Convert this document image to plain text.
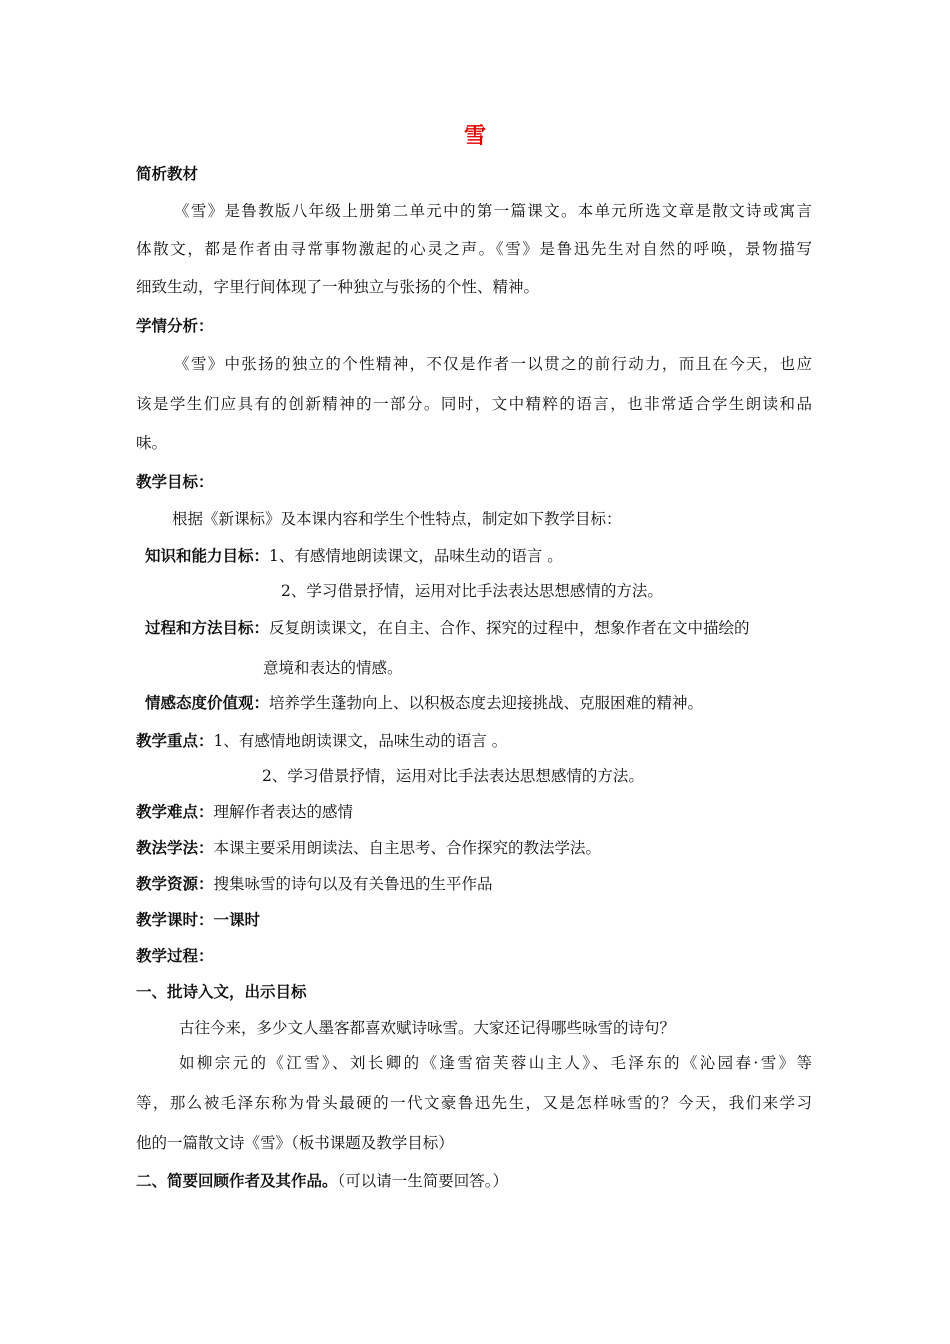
雪
简析教材
《雪》是鲁教版八年级上册第二单元中的第一篇课文。本单元所选文章是散文诗或寓言
体散文，都是作者由寻常事物激起的心灵之声。《雪》是鲁迅先生对自然的呼唤，景物描写
细致生动，字里行间体现了一种独立与张扬的个性、精神。
学情分析：
《雪》中张扬的独立的个性精神，不仅是作者一以贯之的前行动力，而且在今天，也应
该是学生们应具有的创新精神的一部分。同时，文中精粹的语言，也非常适合学生朗读和品
味。
教学目标：
根据《新课标》及本课内容和学生个性特点，制定如下教学目标：
知识和能力目标：1、有感情地朗读课文，品味生动的语言 。
2、学习借景抒情，运用对比手法表达思想感情的方法。
过程和方法目标：反复朗读课文，在自主、合作、探究的过程中，想象作者在文中描绘的
意境和表达的情感。
情感态度价值观：培养学生蓬勃向上、以积极态度去迎接挑战、克服困难的精神。
教学重点：1、有感情地朗读课文，品味生动的语言 。
2、学习借景抒情，运用对比手法表达思想感情的方法。
教学难点：理解作者表达的感情
教法学法：本课主要采用朗读法、自主思考、合作探究的教法学法。
教学资源：搜集咏雪的诗句以及有关鲁迅的生平作品
教学课时：一课时
教学过程：
一、批诗入文，出示目标
古往今来，多少文人墨客都喜欢赋诗咏雪。大家还记得哪些咏雪的诗句？
如柳宗元的《江雪》、刘长卿的《逢雪宿芙蓉山主人》、毛泽东的《沁园春·雪》等
等，那么被毛泽东称为骨头最硬的一代文豪鲁迅先生，又是怎样咏雪的？今天，我们来学习
他的一篇散文诗《雪》（板书课题及教学目标）
二、简要回顾作者及其作品。（可以请一生简要回答。）
